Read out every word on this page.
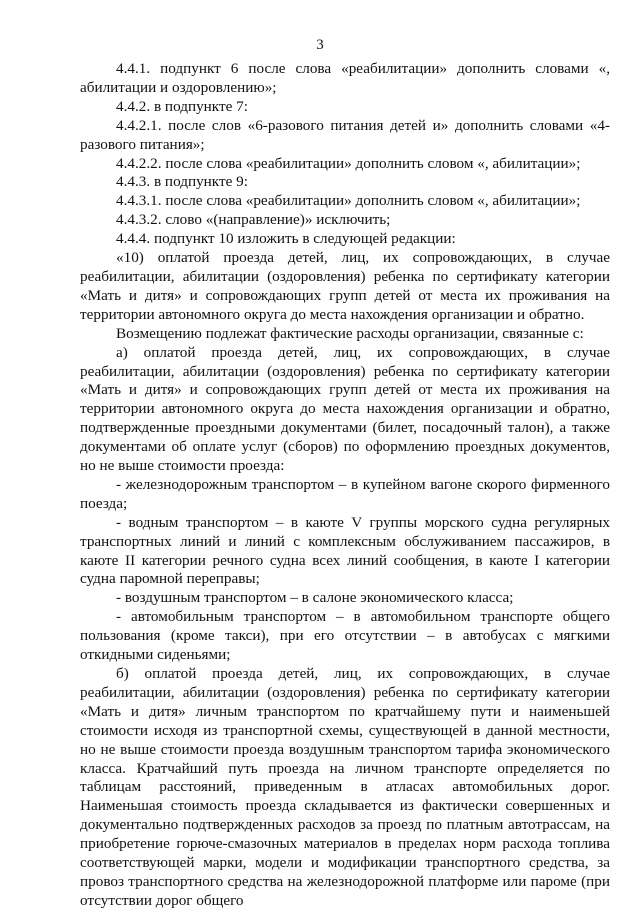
3

4.4.1. подпункт 6 после слова «реабилитации» дополнить словами «, абилитации и оздоровлению»;

4.4.2. в подпункте 7:

4.4.2.1. после слов «6-разового питания детей и» дополнить словами «4-разового питания»;

4.4.2.2. после слова «реабилитации» дополнить словом «, абилитации»;

4.4.3. в подпункте 9:

4.4.3.1. после слова «реабилитации» дополнить словом «, абилитации»;

4.4.3.2. слово «(направление)» исключить;

4.4.4. подпункт 10 изложить в следующей редакции:

«10) оплатой проезда детей, лиц, их сопровождающих, в случае реабилитации, абилитации (оздоровления) ребенка по сертификату категории «Мать и дитя» и сопровождающих групп детей от места их проживания на территории автономного округа до места нахождения организации и обратно.

Возмещению подлежат фактические расходы организации, связанные с:

а) оплатой проезда детей, лиц, их сопровождающих, в случае реабилитации, абилитации (оздоровления) ребенка по сертификату категории «Мать и дитя» и сопровождающих групп детей от места их проживания на территории автономного округа до места нахождения организации и обратно, подтвержденные проездными документами (билет, посадочный талон), а также документами об оплате услуг (сборов) по оформлению проездных документов, но не выше стоимости проезда:

- железнодорожным транспортом – в купейном вагоне скорого фирменного поезда;

- водным транспортом – в каюте V группы морского судна регулярных транспортных линий и линий с комплексным обслуживанием пассажиров, в каюте II категории речного судна всех линий сообщения, в каюте I категории судна паромной переправы;

- воздушным транспортом – в салоне экономического класса;

- автомобильным транспортом – в автомобильном транспорте общего пользования (кроме такси), при его отсутствии – в автобусах с мягкими откидными сиденьями;

б) оплатой проезда детей, лиц, их сопровождающих, в случае реабилитации, абилитации (оздоровления) ребенка по сертификату категории «Мать и дитя» личным транспортом по кратчайшему пути и наименьшей стоимости исходя из транспортной схемы, существующей в данной местности, но не выше стоимости проезда воздушным транспортом тарифа экономического класса. Кратчайший путь проезда на личном транспорте определяется по таблицам расстояний, приведенным в атласах автомобильных дорог. Наименьшая стоимость проезда складывается из фактически совершенных и документально подтвержденных расходов за проезд по платным автотрассам, на приобретение горюче-смазочных материалов в пределах норм расхода топлива соответствующей марки, модели и модификации транспортного средства, за провоз транспортного средства на железнодорожной платформе или пароме (при отсутствии дорог общего
